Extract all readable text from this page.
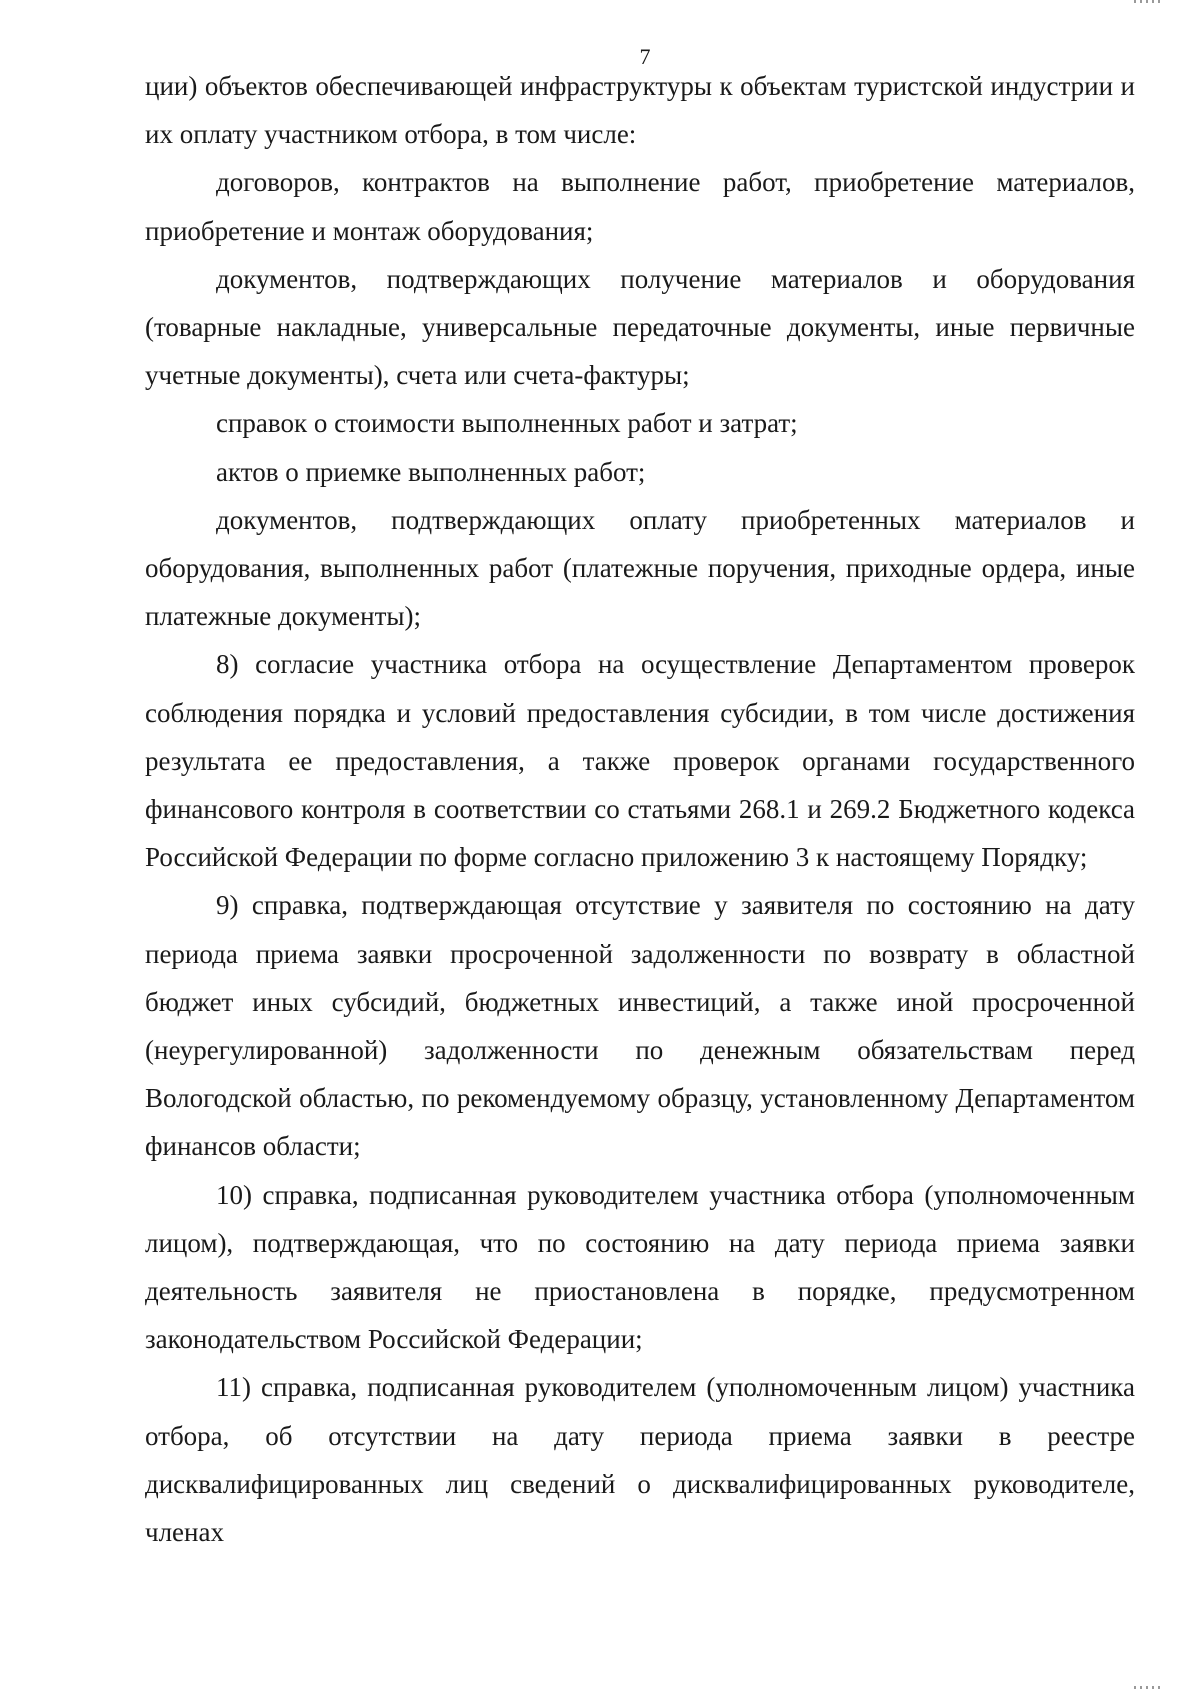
7

ции) объектов обеспечивающей инфраструктуры к объектам туристской индустрии и их оплату участником отбора, в том числе:

договоров, контрактов на выполнение работ, приобретение материалов, приобретение и монтаж оборудования;

документов, подтверждающих получение материалов и оборудования (товарные накладные, универсальные передаточные документы, иные первичные учетные документы), счета или счета-фактуры;

справок о стоимости выполненных работ и затрат;

актов о приемке выполненных работ;

документов, подтверждающих оплату приобретенных материалов и оборудования, выполненных работ (платежные поручения, приходные ордера, иные платежные документы);

8) согласие участника отбора на осуществление Департаментом проверок соблюдения порядка и условий предоставления субсидии, в том числе достижения результата ее предоставления, а также проверок органами государственного финансового контроля в соответствии со статьями 268.1 и 269.2 Бюджетного кодекса Российской Федерации по форме согласно приложению 3 к настоящему Порядку;

9) справка, подтверждающая отсутствие у заявителя по состоянию на дату периода приема заявки просроченной задолженности по возврату в областной бюджет иных субсидий, бюджетных инвестиций, а также иной просроченной (неурегулированной) задолженности по денежным обязательствам перед Вологодской областью, по рекомендуемому образцу, установленному Департаментом финансов области;

10) справка, подписанная руководителем участника отбора (уполномоченным лицом), подтверждающая, что по состоянию на дату периода приема заявки деятельность заявителя не приостановлена в порядке, предусмотренном законодательством Российской Федерации;

11) справка, подписанная руководителем (уполномоченным лицом) участника отбора, об отсутствии на дату периода приема заявки в реестре дисквалифицированных лиц сведений о дисквалифицированных руководителе, членах
